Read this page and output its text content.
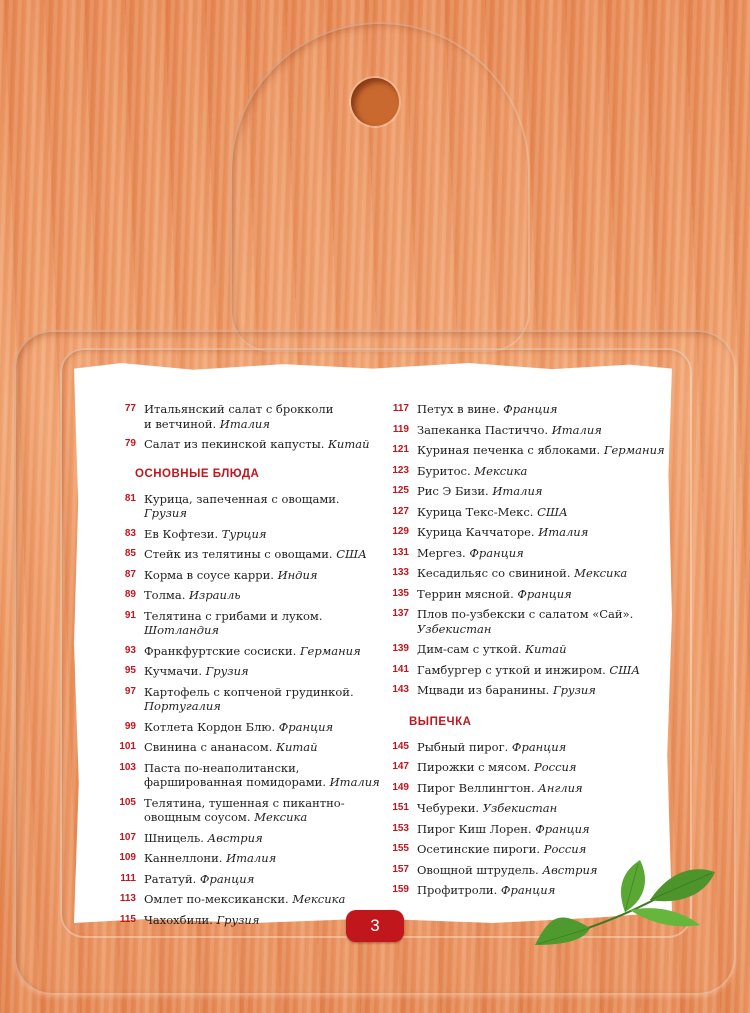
77 Итальянский салат с брокколи
и ветчиной. Италия
79 Салат из пекинской капусты. Китай
ОСНОВНЫЕ БЛЮДА
81 Курица, запеченная с овощами. Грузия
83 Ев Кофтези. Турция
85 Стейк из телятины с овощами. США
87 Корма в соусе карри. Индия
89 Толма. Израиль
91 Телятина с грибами и луком. Шотландия
93 Франкфуртские сосиски. Германия
95 Кучмачи. Грузия
97 Картофель с копченой грудинкой. Португалия
99 Котлета Кордон Блю. Франция
101 Свинина с ананасом. Китай
103 Паста по-неаполитански,
фаршированная помидорами. Италия
105 Телятина, тушенная с пикантно-
овощным соусом. Мексика
107 Шницель. Австрия
109 Каннеллони. Италия
111 Рататуй. Франция
113 Омлет по-мексикански. Мексика
115 Чахохбили. Грузия
117 Петух в вине. Франция
119 Запеканка Пастиччо. Италия
121 Куриная печенка с яблоками. Германия
123 Буритос. Мексика
125 Рис Э Бизи. Италия
127 Курица Текс-Мекс. США
129 Курица Каччаторе. Италия
131 Мергез. Франция
133 Кесадильяс со свининой. Мексика
135 Террин мясной. Франция
137 Плов по-узбекски с салатом «Сай». Узбекистан
139 Дим-сам с уткой. Китай
141 Гамбургер с уткой и инжиром. США
143 Мцвади из баранины. Грузия
ВЫПЕЧКА
145 Рыбный пирог. Франция
147 Пирожки с мясом. Россия
149 Пирог Веллингтон. Англия
151 Чебуреки. Узбекистан
153 Пирог Киш Лорен. Франция
155 Осетинские пироги. Россия
157 Овощной штрудель. Австрия
159 Профитроли. Франция
3
